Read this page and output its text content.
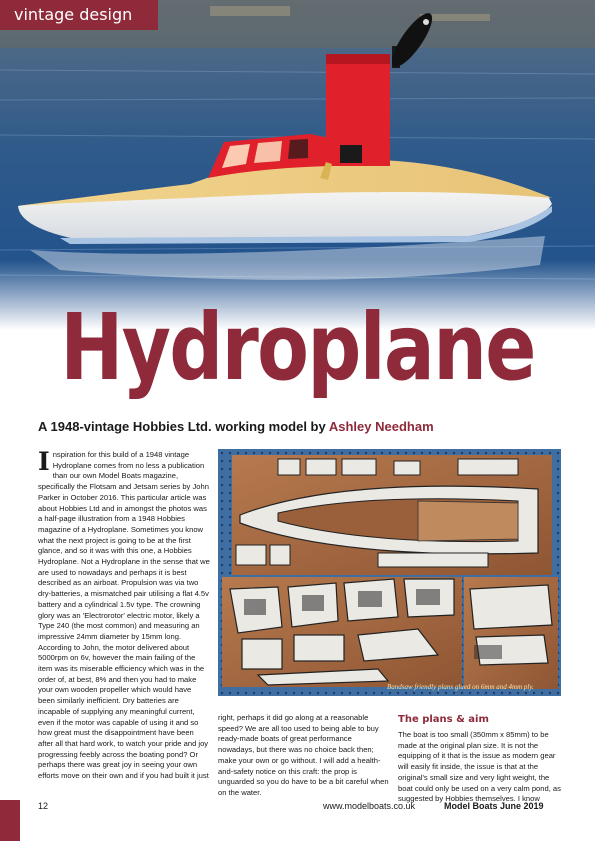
vintage design
Hydroplane
A 1948-vintage Hobbies Ltd. working model by Ashley Needham
I nspiration for this build of a 1948 vintage Hydroplane comes from no less a publication than our own Model Boats magazine, specifically the Flotsam and Jetsam series by John Parker in October 2016. This particular article was about Hobbies Ltd and in amongst the photos was a half-page illustration from a 1948 Hobbies magazine of a Hydroplane. Sometimes you know what the next project is going to be at the first glance, and so it was with this one, a Hobbies Hydroplane. Not a Hydroplane in the sense that we are used to nowadays and perhaps it is best described as an airboat. Propulsion was via two dry-batteries, a mismatched pair utilising a flat 4.5v battery and a cylindrical 1.5v type. The crowning glory was an 'Electrorotor' electric motor, likely a Type 240 (the most common) and measuring an impressive 24mm diameter by 15mm long. According to John, the motor delivered about 5000rpm on 6v, however the main failing of the item was its miserable efficiency which was in the order of, at best, 8% and then you had to make your own wooden propeller which would have been similarly inefficient. Dry batteries are incapable of supplying any meaningful current, even if the motor was capable of using it and so how great must the disappointment have been after all that hard work, to watch your pride and joy progressing feebly across the boating pond? Or perhaps there was great joy in seeing your own efforts move on their own and if you had built it just

Bandsaw friendly plans glued on 6mm and 4mm ply.

right, perhaps it did go along at a reasonable speed? We are all too used to being able to buy ready-made boats of great performance nowadays, but there was no choice back then; make your own or go without. I will add a health-and-safety notice on this craft: the prop is unguarded so you do have to be a bit careful when on the water.

The plans & aim

The boat is too small (350mm x 85mm) to be made at the original plan size. It is not the equipping of it that is the issue as modern gear will easily fit inside, the issue is that at the original's small size and very light weight, the boat could only be used on a very calm pond, as suggested by Hobbies themselves. I know

12	www.modelboats.co.uk	Model Boats June 2019
